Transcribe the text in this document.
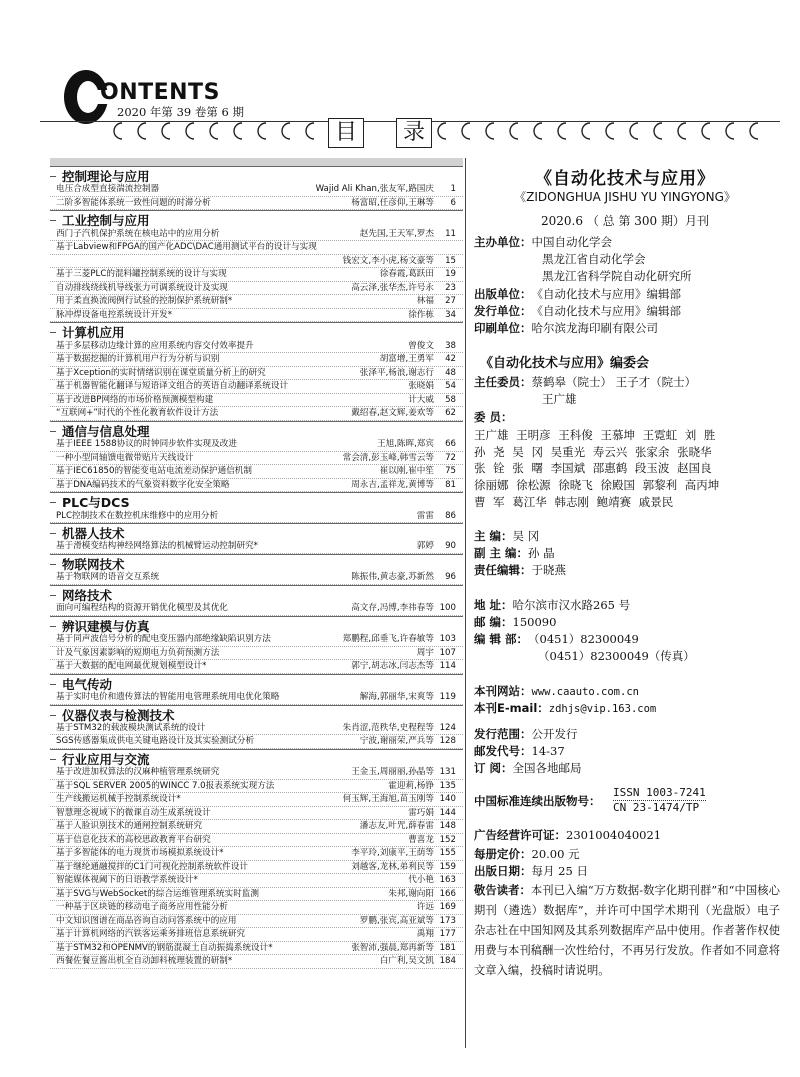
ONTENTS
2020 年第 39 卷第 6 期
目	录
控制理论与应用
电压合成型直接湍流控制器	Wajid Ali Khan,张友军,路国庆	1
二阶多智能体系统一致性问题的时滞分析	杨富昭,任彦仰,王琳等	6
工业控制与应用
西门子汽机保护系统在核电站中的应用分析	赵先国,王天军,罗杰	11
基于Labview和FPGA的国产化ADC\DAC通用测试平台的设计与实现
钱宏文,李小虎,杨文豪等	15
基于三菱PLC的混料罐控制系统的设计与实现	徐春霞,葛跃田	19
自动排线绕线机导线张力可调系统设计及实现	高云泽,张华杰,许号永	23
用于柔直换流阀例行试验的控制保护系统研制*	林福	27
脉冲焊设备电控系统设计开发*	徐作栋	34
计算机应用
基于多层移动边缘计算的应用系统内容交付效率提升	曾俊文	38
基于数据挖掘的计算机用户行为分析与识别	胡富增,王勇军	42
基于Xception的实时情绪识别在课堂质量分析上的研究	张泽平,杨浪,谢志行	48
基于机器智能化翻译与短语译文组合的英语自动翻译系统设计	张晓娟	54
基于改进BP网络的市场价格预测模型构建	计大威	58
“互联网+”时代的个性化教育软件设计方法	戴绍春,赵文辉,姜欢等	62
通信与信息处理
基于IEEE 1588协议的时钟同步软件实现及改进	王旭,陈晖,郑宾	66
一种小型同轴馈电微带贴片天线设计	常会清,彭玉峰,韩雪云等	72
基于IEC61850的智能变电站电流差动保护通信机制	崔以刚,崔中笙	75
基于DNA编码技术的气象资料数字化安全策略	周永吉,孟祥龙,黄博等	81
PLC与DCS
PLC控制技术在数控机床维修中的应用分析	雷雷	86
机器人技术
基于滑模变结构神经网络算法的机械臂运动控制研究*	郭婷	90
物联网技术
基于物联网的语音交互系统	陈振伟,黄志豪,苏新然	96
网络技术
面向可编程结构的资源开销优化模型及其优化	高文存,冯博,李祎春等 100
辨识建模与仿真
基于同声波信号分析的配电变压器内部绝缘缺陷识别方法	郑鹏程,邱垂飞,许春敏等 103
计及气象因素影响的短期电力负荷预测方法	周宇 107
基于大数据的配电网最优规划模型设计*	郭宁,胡志冰,闫志杰等 114
电气传动
基于实时电价和遗传算法的智能用电管理系统用电优化策略	解海,郭丽华,宋爽等 119
仪器仪表与检测技术
基于STM32的载波模块测试系统的设计	朱肖涩,范秩华,史程程等 124
SGS传感器集成供电关键电路设计及其实验测试分析	宁波,谢丽荣,严兵等 128
行业应用与交流
基于改进加权算法的汉麻种植管理系统研究	王金玉,周丽丽,孙晶等 131
基于SQL SERVER 2005的WINCC 7.0报表系统实现方法	霍迎莉,杨铮 135
生产线搬运机械手控制系统设计*	何玉辉,王海旭,苗玉刚等 140
智慧理念视域下的微课自动生成系统设计	雷巧娟 144
基于人脸识别技术的通闸控制系统研究	潘志友,叶咒,薛春雷 148
基于信息化技术的高校思政教育平台研究	曹喜龙 152
基于多智能体的电力现货市场模拟系统设计*	李平玲,刘康平,王荫等 155
基于继纶通融搅拌的C1门可视化控制系统软件设计	刘越客,龙林,弟利民等 159
智能媒体视阈下的日语教学系统设计*	代小艳 163
基于SVG与WebSocket的综合运维管理系统实时监测	朱邦,谢向阳 166
一种基于区块链的移动电子商务应用性能分析	许远 169
中文知识图谱在商品咨询自动问答系统中的应用	罗鹏,张宾,高亚斌等 173
基于计算机网络的汽铁客运乘务排班信息系统研究	禹翔 177
基于STM32和OPENMV的钢筋混凝土自动振捣系统设计*	张智沛,强晨,郑再新等 181
西餐佐餐豆酱出机全自动卸料梳理装置的研制*	白广利,吴文凯 184
《自动化技术与应用》
《ZIDONGHUA JISHU YU YINGYONG》
2020.6 （ 总 第 300 期）月刊
主办单位：中国自动化学会
黑龙江省自动化学会
黑龙江省科学院自动化研究所
出版单位：《自动化技术与应用》编辑部
发行单位：《自动化技术与应用》编辑部
印刷单位：哈尔滨龙海印刷有限公司
《自动化技术与应用》编委会
主任委员：蔡鹤皋（院士） 王子才（院士）
王广雄
委 员：
王广雄 王明彦 王科俊 王慕坤 王霓虹 刘 胜
孙 尧 吴 冈 吴重光 寿云兴 张家余 张晓华
张 铨 张 曙 李国斌 邵惠鹤 段玉波 赵国良
徐丽娜 徐松源 徐晓飞 徐殿国 郭黎利 高丙坤
曹 军 葛江华 韩志刚 鲍靖赛 戚景民
主 编：吴 冈
副 主 编：孙 晶
责任编辑：于晓燕
地 址：哈尔滨市汉水路265 号
邮 编：150090
编 辑 部：（0451）82300049
（0451）82300049（传真）
本刊网站：www.caauto.com.cn
本刊E-mail：zdhjs@vip.163.com
发行范围：公开发行
邮发代号：14-37
订 阅：全国各地邮局
中国标准连续出版物号：
ISSN 1003-7241
CN 23-1474/TP
广告经营许可证：2301004040021
每册定价：20.00 元
出版日期：每月 25 日
敬告读者：本刊已入编“万方数据-数字化期刊群”和“中国核心期刊（遴选）数据库”，并许可中国学术期刊（光盘版）电子杂志社在中国知网及其系列数据库产品中使用。作者著作权使用费与本刊稿酬一次性给付，不再另行发放。作者如不同意将文章入编，投稿时请说明。
